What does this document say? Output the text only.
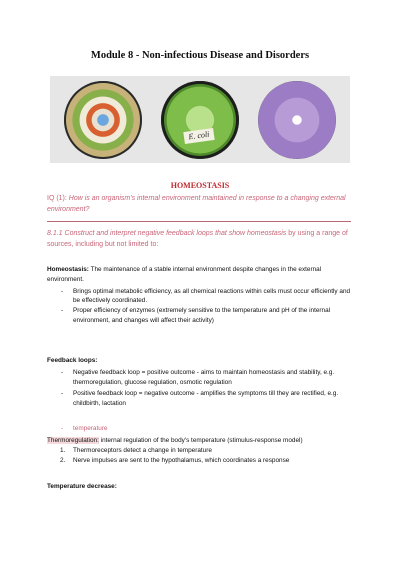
Module 8 - Non-infectious Disease and Disorders
E. coli
HOMEOSTASIS
IQ (1): How is an organism's internal environment maintained in response to a changing external environment?
8.1.1 Construct and interpret negative feedback loops that show homeostasis by using a range of sources, including but not limited to:
Homeostasis: The maintenance of a stable internal environment despite changes in the external environment.
- Brings optimal metabolic efficiency, as all chemical reactions within cells must occur efficiently and be effectively coordinated.
- Proper efficiency of enzymes (extremely sensitive to the temperature and pH of the internal environment, and changes will affect their activity)
Feedback loops:
- Negative feedback loop = positive outcome - aims to maintain homeostasis and stability, e.g. thermoregulation, glucose regulation, osmotic regulation
- Positive feedback loop = negative outcome - amplifies the symptoms till they are rectified, e.g. childbirth, lactation
- temperature
Thermoregulation: internal regulation of the body's temperature (stimulus-response model)
1. Thermoreceptors detect a change in temperature
2. Nerve impulses are sent to the hypothalamus, which coordinates a response
Temperature decrease:
